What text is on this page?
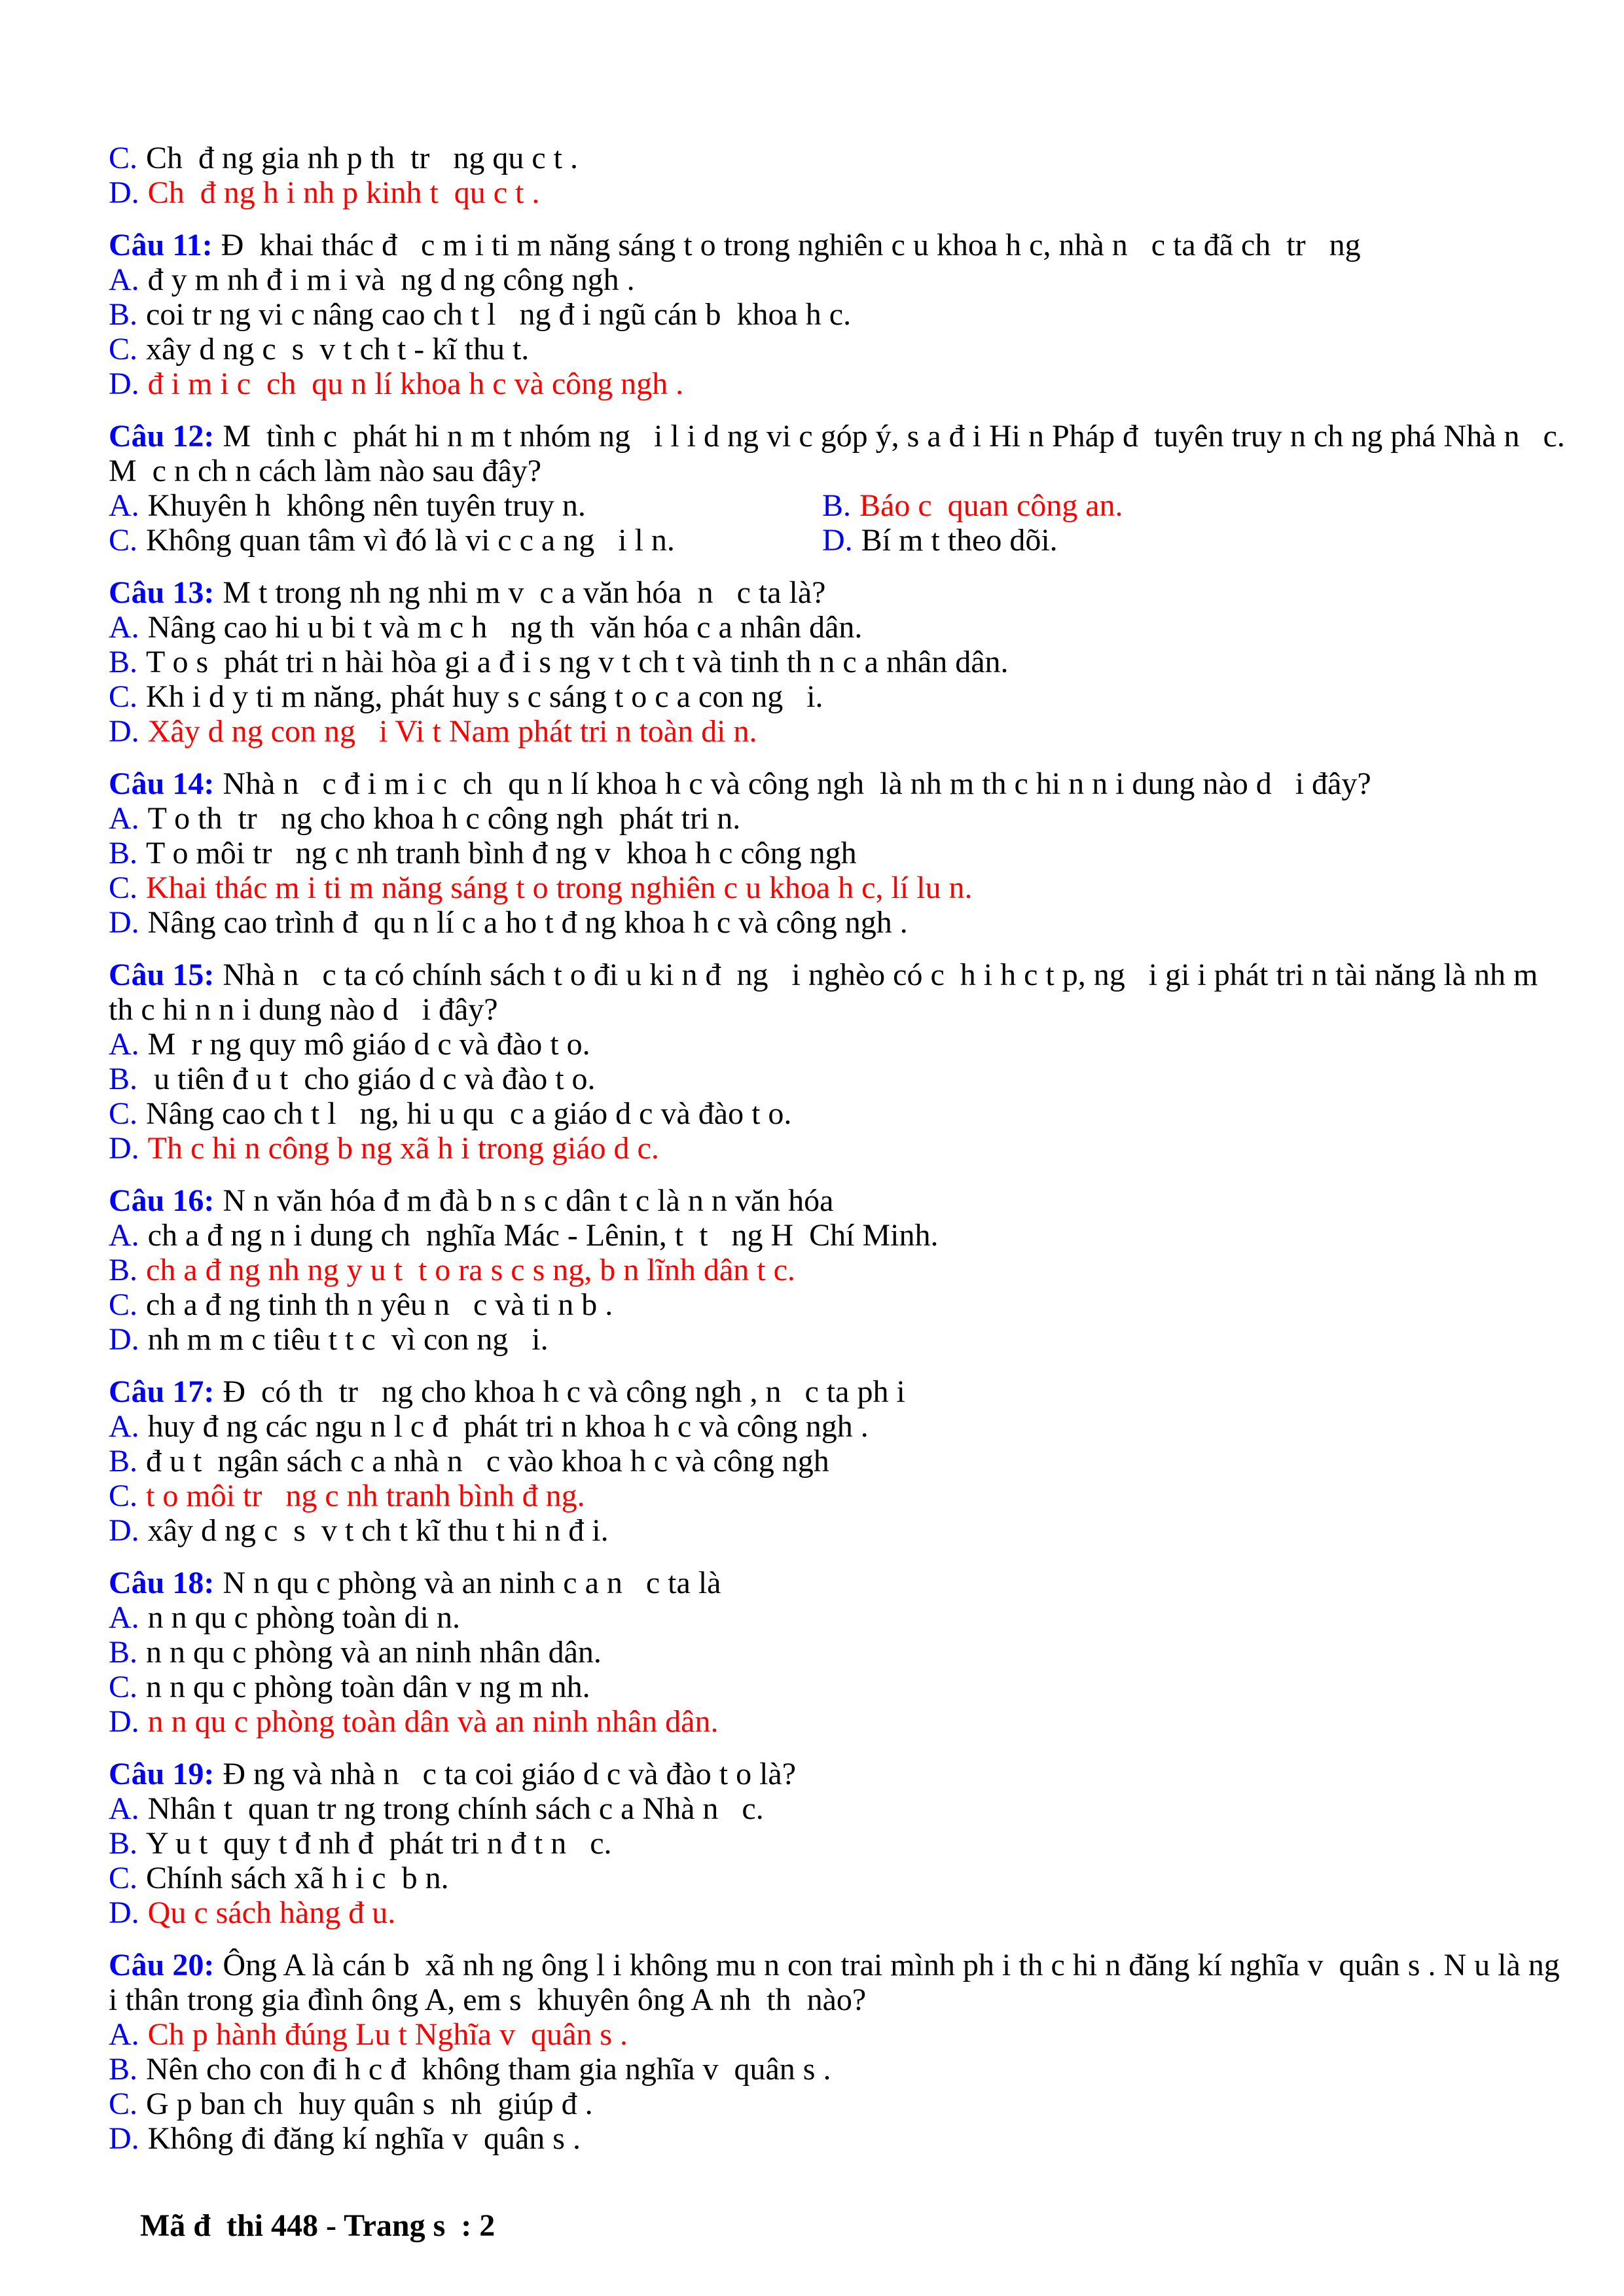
C. Ch  đ ng gia nh p th  tr   ng qu c t .
D. Ch  đ ng h i nh p kinh t  qu c t .
Câu 11: Đ  khai thác đ   c m i ti m năng sáng t o trong nghiên c u khoa h c, nhà n   c ta đã ch  tr   ng
A. đ y m nh đ i m i và  ng d ng công ngh .
B. coi tr ng vi c nâng cao ch t l   ng đ i ngũ cán b  khoa h c.
C. xây d ng c  s  v t ch t - kĩ thu t.
D. đ i m i c  ch  qu n lí khoa h c và công ngh .
Câu 12: M  tình c  phát hi n m t nhóm ng   i l i d ng vi c góp ý, s a đ i Hi n Pháp đ  tuyên truy n ch ng phá Nhà n   c. M  c n ch n cách làm nào sau đây?
A. Khuyên h  không nên tuyên truy n.	B. Báo c  quan công an.
C. Không quan tâm vì đó là vi c c a ng   i l n.	D. Bí m t theo dõi.
Câu 13: M t trong nh ng nhi m v  c a văn hóa  n   c ta là?
A. Nâng cao hi u bi t và m c h   ng th  văn hóa c a nhân dân.
B. T o s  phát tri n hài hòa gi a đ i s ng v t ch t và tinh th n c a nhân dân.
C. Kh i d y ti m năng, phát huy s c sáng t o c a con ng   i.
D. Xây d ng con ng   i Vi t Nam phát tri n toàn di n.
Câu 14: Nhà n   c đ i m i c  ch  qu n lí khoa h c và công ngh  là nh m th c hi n n i dung nào d   i đây?
A. T o th  tr   ng cho khoa h c công ngh  phát tri n.
B. T o môi tr   ng c nh tranh bình đ ng v  khoa h c công ngh
C. Khai thác m i ti m năng sáng t o trong nghiên c u khoa h c, lí lu n.
D. Nâng cao trình đ  qu n lí c a ho t đ ng khoa h c và công ngh .
Câu 15: Nhà n   c ta có chính sách t o đi u ki n đ  ng   i nghèo có c  h i h c t p, ng   i gi i phát tri n tài năng là nh m th c hi n n i dung nào d   i đây?
A. M  r ng quy mô giáo d c và đào t o.
B. u tiên đ u t  cho giáo d c và đào t o.
C. Nâng cao ch t l   ng, hi u qu  c a giáo d c và đào t o.
D. Th c hi n công b ng xã h i trong giáo d c.
Câu 16: N n văn hóa đ m đà b n s c dân t c là n n văn hóa
A. ch a đ ng n i dung ch  nghĩa Mác - Lênin, t  t   ng H  Chí Minh.
B. ch a đ ng nh ng y u t  t o ra s c s ng, b n lĩnh dân t c.
C. ch a đ ng tinh th n yêu n   c và ti n b .
D. nh m m c tiêu t t c  vì con ng   i.
Câu 17: Đ  có th  tr   ng cho khoa h c và công ngh , n   c ta ph i
A. huy đ ng các ngu n l c đ  phát tri n khoa h c và công ngh .
B. đ u t  ngân sách c a nhà n   c vào khoa h c và công ngh
C. t o môi tr   ng c nh tranh bình đ ng.
D. xây d ng c  s  v t ch t kĩ thu t hi n đ i.
Câu 18: N n qu c phòng và an ninh c a n   c ta là
A. n n qu c phòng toàn di n.
B. n n qu c phòng và an ninh nhân dân.
C. n n qu c phòng toàn dân v ng m nh.
D. n n qu c phòng toàn dân và an ninh nhân dân.
Câu 19: Đ ng và nhà n   c ta coi giáo d c và đào t o là?
A. Nhân t  quan tr ng trong chính sách c a Nhà n   c.
B. Y u t  quy t đ nh đ  phát tri n đ t n   c.
C. Chính sách xã h i c  b n.
D. Qu c sách hàng đ u.
Câu 20: Ông A là cán b  xã nh ng ông l i không mu n con trai mình ph i th c hi n đăng kí nghĩa v  quân s . N u là ng   i thân trong gia đình ông A, em s  khuyên ông A nh  th  nào?
A. Ch p hành đúng Lu t Nghĩa v  quân s .
B. Nên cho con đi h c đ  không tham gia nghĩa v  quân s .
C. G p ban ch  huy quân s  nh  giúp đ .
D. Không đi đăng kí nghĩa v  quân s .

Mã đ  thi 448 - Trang s  : 2
